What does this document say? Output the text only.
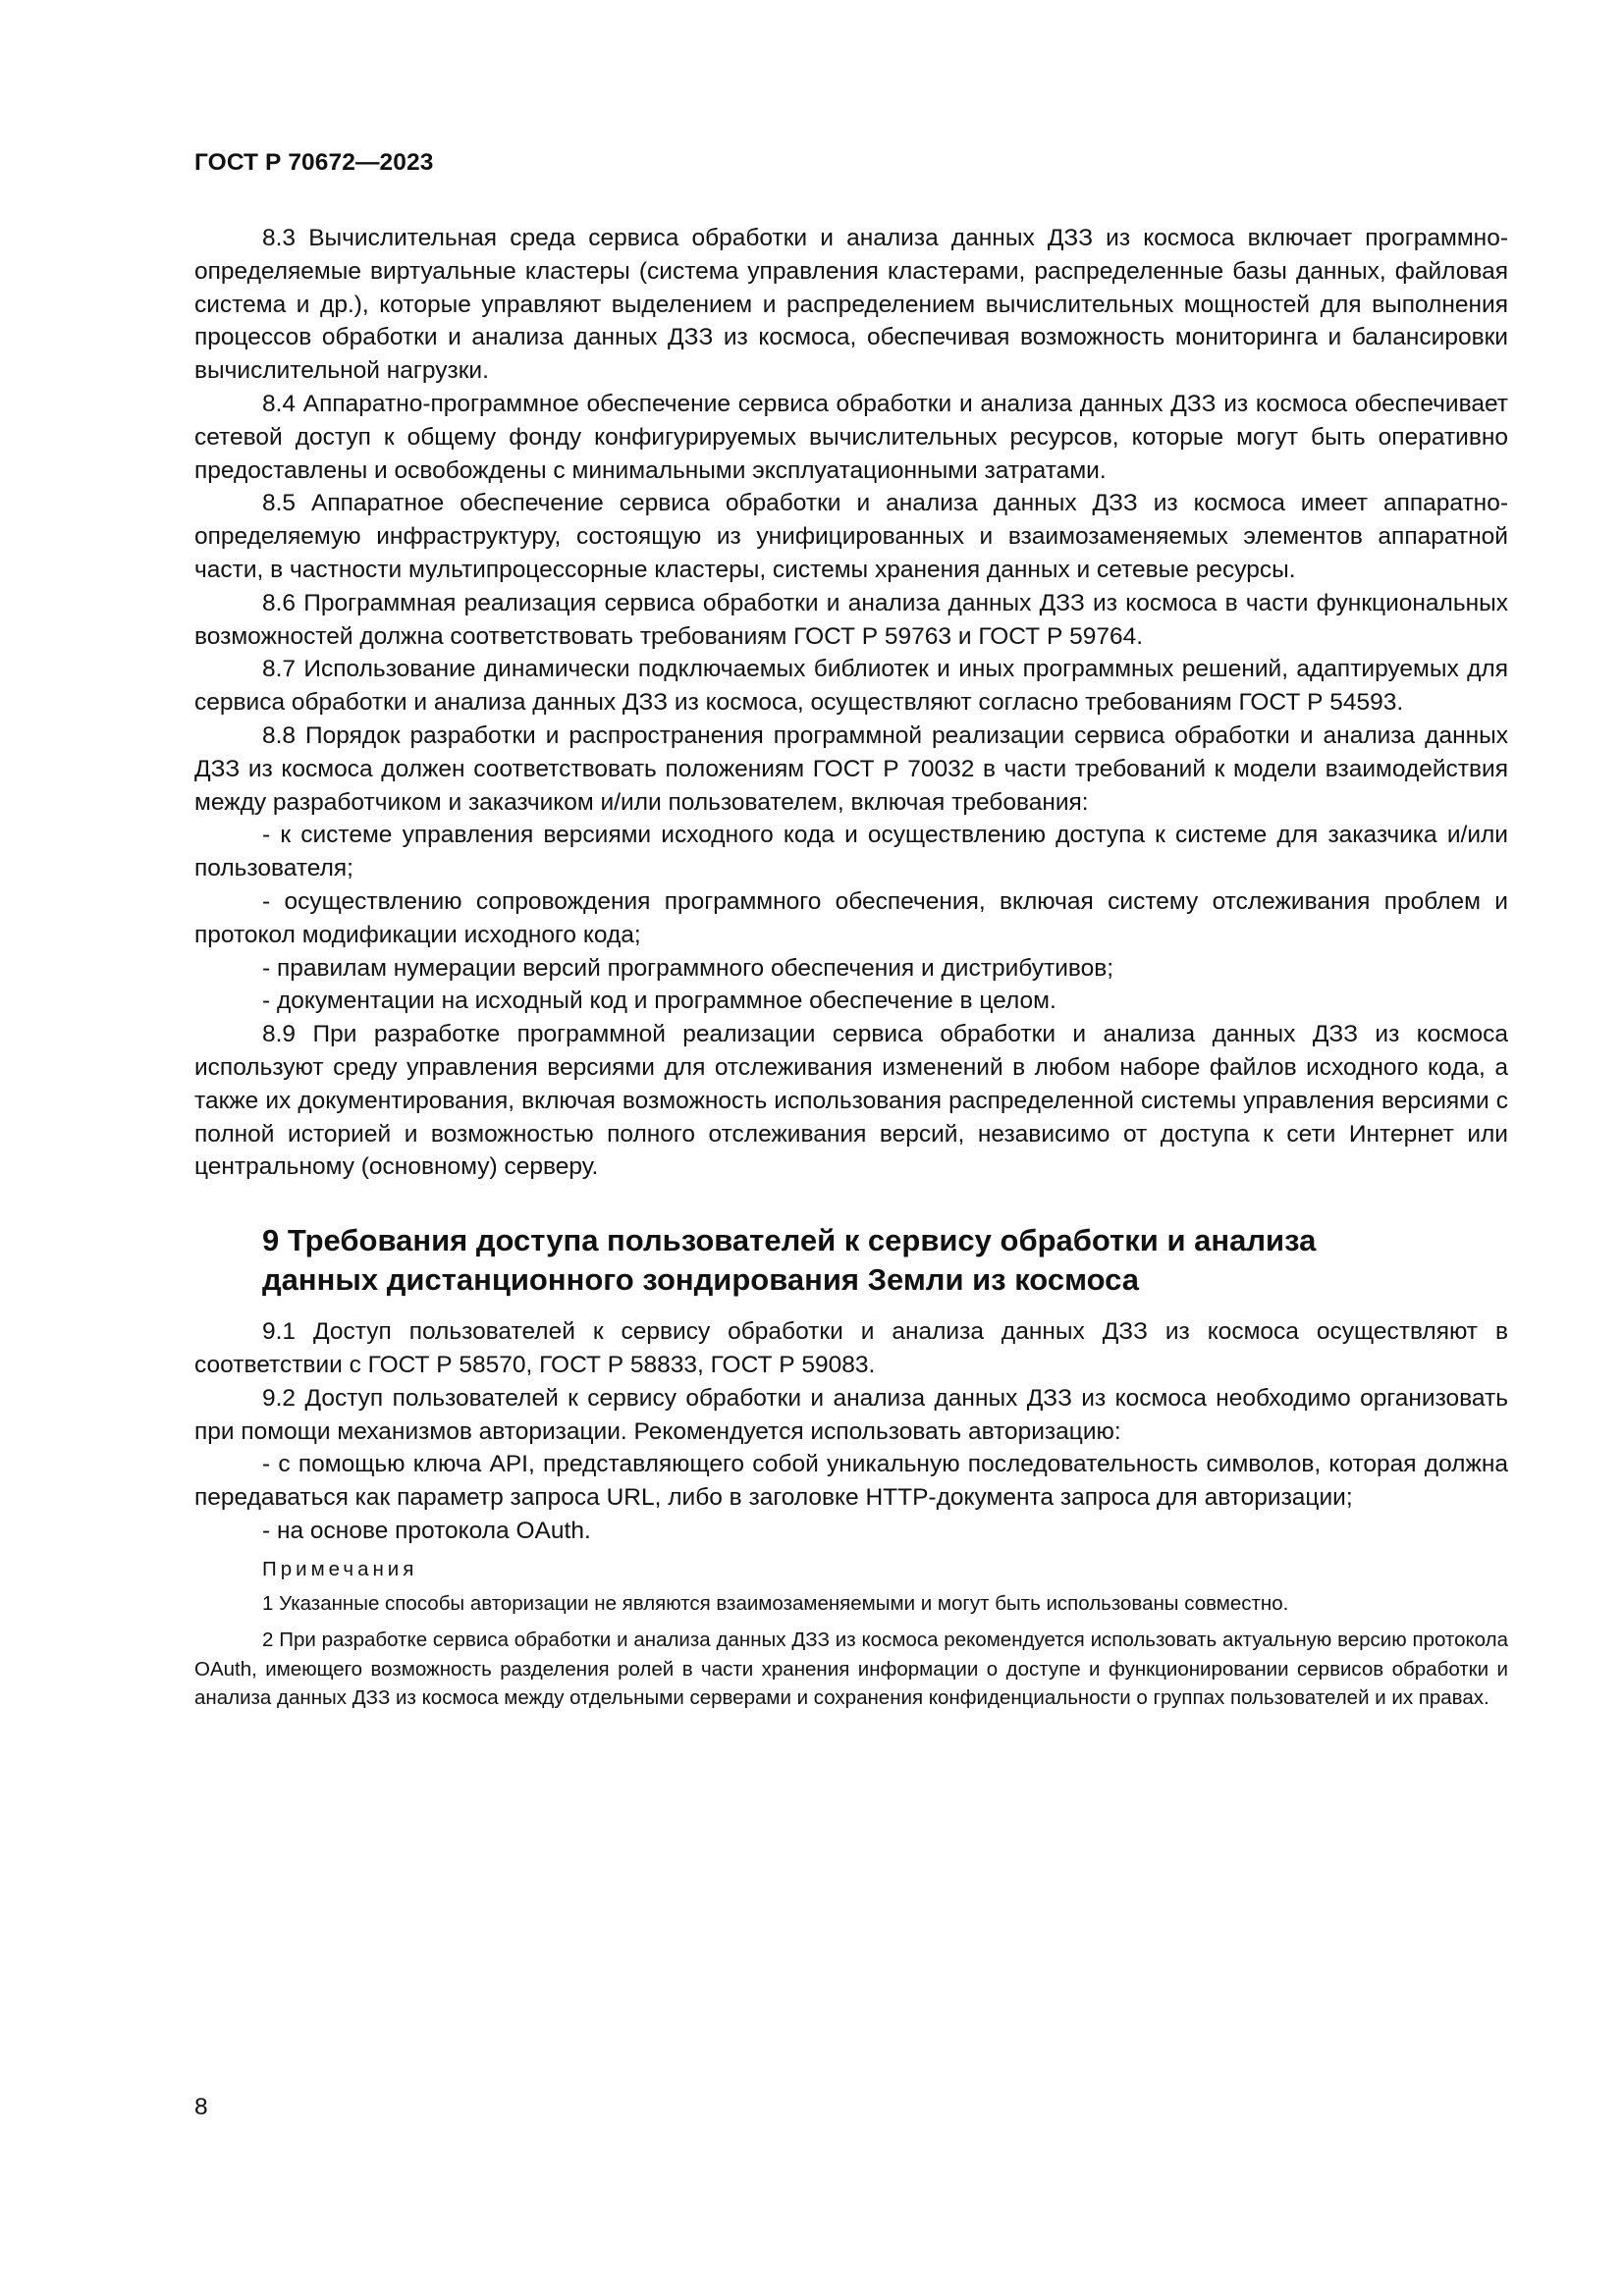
ГОСТ Р 70672—2023

8.3 Вычислительная среда сервиса обработки и анализа данных ДЗЗ из космоса включает программно-определяемые виртуальные кластеры (система управления кластерами, распределенные базы данных, файловая система и др.), которые управляют выделением и распределением вычислительных мощностей для выполнения процессов обработки и анализа данных ДЗЗ из космоса, обеспечивая возможность мониторинга и балансировки вычислительной нагрузки.

8.4 Аппаратно-программное обеспечение сервиса обработки и анализа данных ДЗЗ из космоса обеспечивает сетевой доступ к общему фонду конфигурируемых вычислительных ресурсов, которые могут быть оперативно предоставлены и освобождены с минимальными эксплуатационными затратами.

8.5 Аппаратное обеспечение сервиса обработки и анализа данных ДЗЗ из космоса имеет аппаратно-определяемую инфраструктуру, состоящую из унифицированных и взаимозаменяемых элементов аппаратной части, в частности мультипроцессорные кластеры, системы хранения данных и сетевые ресурсы.

8.6 Программная реализация сервиса обработки и анализа данных ДЗЗ из космоса в части функциональных возможностей должна соответствовать требованиям ГОСТ Р 59763 и ГОСТ Р 59764.

8.7 Использование динамически подключаемых библиотек и иных программных решений, адаптируемых для сервиса обработки и анализа данных ДЗЗ из космоса, осуществляют согласно требованиям ГОСТ Р 54593.

8.8 Порядок разработки и распространения программной реализации сервиса обработки и анализа данных ДЗЗ из космоса должен соответствовать положениям ГОСТ Р 70032 в части требований к модели взаимодействия между разработчиком и заказчиком и/или пользователем, включая требования:

- к системе управления версиями исходного кода и осуществлению доступа к системе для заказчика и/или пользователя;

- осуществлению сопровождения программного обеспечения, включая систему отслеживания проблем и протокол модификации исходного кода;

- правилам нумерации версий программного обеспечения и дистрибутивов;

- документации на исходный код и программное обеспечение в целом.

8.9 При разработке программной реализации сервиса обработки и анализа данных ДЗЗ из космоса используют среду управления версиями для отслеживания изменений в любом наборе файлов исходного кода, а также их документирования, включая возможность использования распределенной системы управления версиями с полной историей и возможностью полного отслеживания версий, независимо от доступа к сети Интернет или центральному (основному) серверу.

9 Требования доступа пользователей к сервису обработки и анализа

данных дистанционного зондирования Земли из космоса

9.1 Доступ пользователей к сервису обработки и анализа данных ДЗЗ из космоса осуществляют в соответствии с ГОСТ Р 58570, ГОСТ Р 58833, ГОСТ Р 59083.

9.2 Доступ пользователей к сервису обработки и анализа данных ДЗЗ из космоса необходимо организовать при помощи механизмов авторизации. Рекомендуется использовать авторизацию:

- с помощью ключа API, представляющего собой уникальную последовательность символов, которая должна передаваться как параметр запроса URL, либо в заголовке HTTP-документа запроса для авторизации;

- на основе протокола OAuth.

Примечания

1 Указанные способы авторизации не являются взаимозаменяемыми и могут быть использованы совместно.

2 При разработке сервиса обработки и анализа данных ДЗЗ из космоса рекомендуется использовать актуальную версию протокола OAuth, имеющего возможность разделения ролей в части хранения информации о доступе и функционировании сервисов обработки и анализа данных ДЗЗ из космоса между отдельными серверами и сохранения конфиденциальности о группах пользователей и их правах.

8
